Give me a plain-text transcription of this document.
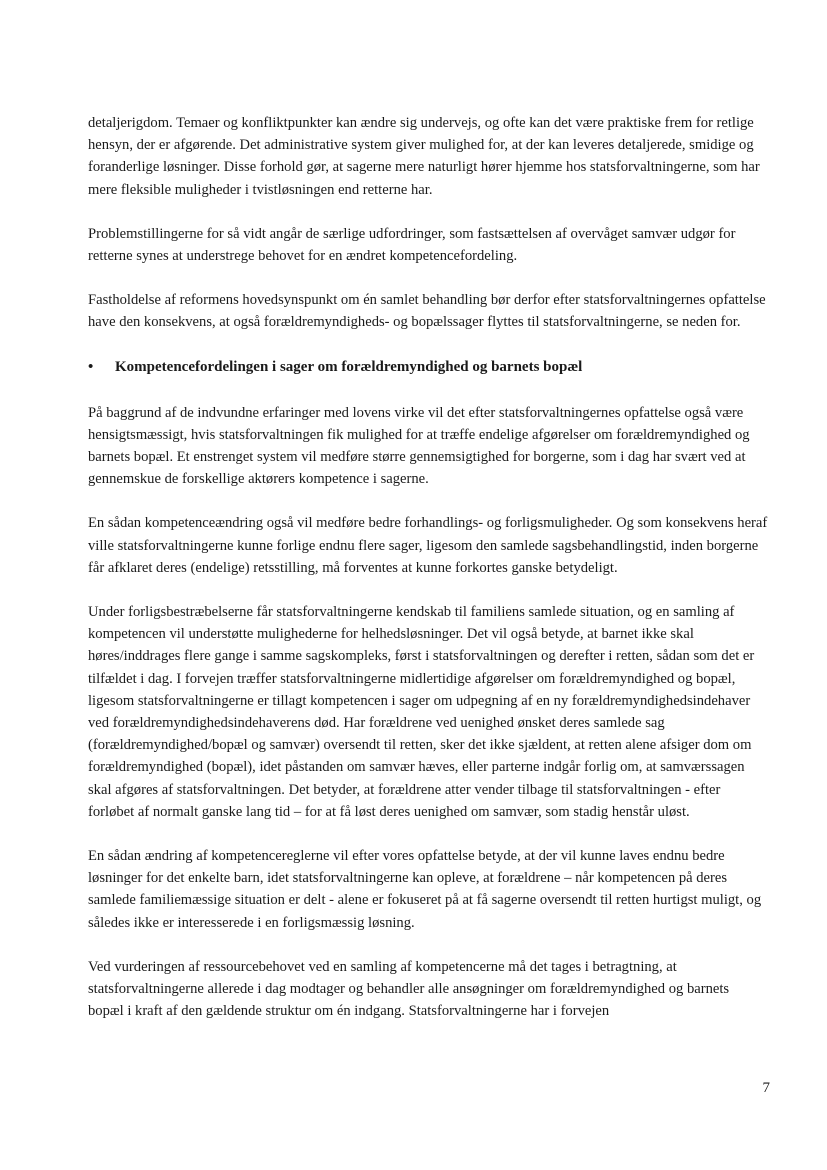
detaljerigdom. Temaer og konfliktpunkter kan ændre sig undervejs, og ofte kan det være praktiske frem for retlige hensyn, der er afgørende. Det administrative system giver mulighed for, at der kan leveres detaljerede, smidige og foranderlige løsninger. Disse forhold gør, at sagerne mere naturligt hører hjemme hos statsforvaltningerne, som har mere fleksible muligheder i tvistløsningen end retterne har.

Problemstillingerne for så vidt angår de særlige udfordringer, som fastsættelsen af overvåget samvær udgør for retterne synes at understrege behovet for en ændret kompetencefordeling.

Fastholdelse af reformens hovedsynspunkt om én samlet behandling bør derfor efter statsforvaltningernes opfattelse have den konsekvens, at også forældremyndigheds- og bopælssager flyttes til statsforvaltningerne, se neden for.

•	Kompetencefordelingen i sager om forældremyndighed og barnets bopæl

På baggrund af de indvundne erfaringer med lovens virke vil det efter statsforvaltningernes opfattelse også være hensigtsmæssigt, hvis statsforvaltningen fik mulighed for at træffe endelige afgørelser om forældremyndighed og barnets bopæl. Et enstrenget system vil medføre større gennemsigtighed for borgerne, som i dag har svært ved at gennemskue de forskellige aktørers kompetence i sagerne.

En sådan kompetenceændring også vil medføre bedre forhandlings- og forligsmuligheder. Og som konsekvens heraf ville statsforvaltningerne kunne forlige endnu flere sager, ligesom den samlede sagsbehandlingstid, inden borgerne får afklaret deres (endelige) retsstilling, må forventes at kunne forkortes ganske betydeligt.

Under forligsbestræbelserne får statsforvaltningerne kendskab til familiens samlede situation, og en samling af kompetencen vil understøtte mulighederne for helhedsløsninger. Det vil også betyde, at barnet ikke skal høres/inddrages flere gange i samme sagskompleks, først i statsforvaltningen og derefter i retten, sådan som det er tilfældet i dag. I forvejen træffer statsforvaltningerne midlertidige afgørelser om forældremyndighed og bopæl, ligesom statsforvaltningerne er tillagt kompetencen i sager om udpegning af en ny forældremyndighedsindehaver ved forældremyndighedsindehaverens død. Har forældrene ved uenighed ønsket deres samlede sag (forældremyndighed/bopæl og samvær) oversendt til retten, sker det ikke sjældent, at retten alene afsiger dom om forældremyndighed (bopæl), idet påstanden om samvær hæves, eller parterne indgår forlig om, at samværssagen skal afgøres af statsforvaltningen. Det betyder, at forældrene atter vender tilbage til statsforvaltningen - efter forløbet af normalt ganske lang tid – for at få løst deres uenighed om samvær, som stadig henstår uløst.

En sådan ændring af kompetencereglerne vil efter vores opfattelse betyde, at der vil kunne laves endnu bedre løsninger for det enkelte barn, idet statsforvaltningerne kan opleve, at forældrene – når kompetencen på deres samlede familiemæssige situation er delt - alene er fokuseret på at få sagerne oversendt til retten hurtigst muligt, og således ikke er interesserede i en forligsmæssig løsning.

Ved vurderingen af ressourcebehovet ved en samling af kompetencerne må det tages i betragtning, at statsforvaltningerne allerede i dag modtager og behandler alle ansøgninger om forældremyndighed og barnets bopæl i kraft af den gældende struktur om én indgang. Statsforvaltningerne har i forvejen

7
